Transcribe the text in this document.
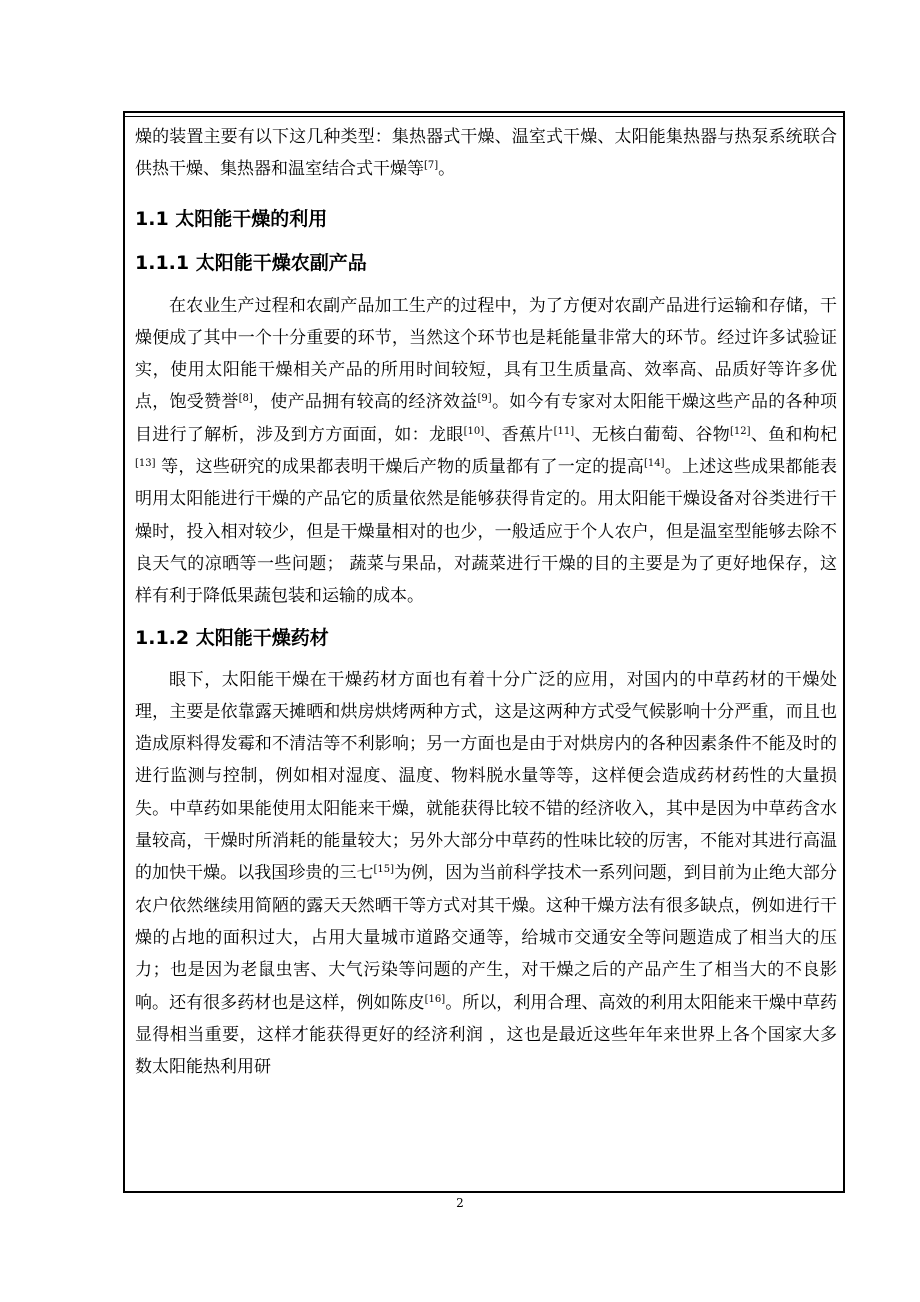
燥的装置主要有以下这几种类型：集热器式干燥、温室式干燥、太阳能集热器与热泵系统联合供热干燥、集热器和温室结合式干燥等[7]。

1.1 太阳能干燥的利用
1.1.1 太阳能干燥农副产品

在农业生产过程和农副产品加工生产的过程中，为了方便对农副产品进行运输和存储，干燥便成了其中一个十分重要的环节，当然这个环节也是耗能量非常大的环节。经过许多试验证实，使用太阳能干燥相关产品的所用时间较短，具有卫生质量高、效率高、品质好等许多优点，饱受赞誉[8]，使产品拥有较高的经济效益[9]。如今有专家对太阳能干燥这些产品的各种项目进行了解析，涉及到方方面面，如：龙眼[10]、香蕉片[11]、无核白葡萄、谷物[12]、鱼和枸杞 [13] 等，这些研究的成果都表明干燥后产物的质量都有了一定的提高[14]。上述这些成果都能表明用太阳能进行干燥的产品它的质量依然是能够获得肯定的。用太阳能干燥设备对谷类进行干燥时，投入相对较少，但是干燥量相对的也少，一般适应于个人农户，但是温室型能够去除不良天气的凉晒等一些问题； 蔬菜与果品，对蔬菜进行干燥的目的主要是为了更好地保存，这样有利于降低果蔬包装和运输的成本。

1.1.2 太阳能干燥药材

眼下，太阳能干燥在干燥药材方面也有着十分广泛的应用，对国内的中草药材的干燥处理，主要是依靠露天摊晒和烘房烘烤两种方式，这是这两种方式受气候影响十分严重，而且也造成原料得发霉和不清洁等不利影响；另一方面也是由于对烘房内的各种因素条件不能及时的进行监测与控制，例如相对湿度、温度、物料脱水量等等，这样便会造成药材药性的大量损失。中草药如果能使用太阳能来干燥，就能获得比较不错的经济收入，其中是因为中草药含水量较高，干燥时所消耗的能量较大；另外大部分中草药的性味比较的厉害，不能对其进行高温的加快干燥。以我国珍贵的三七[15]为例，因为当前科学技术一系列问题，到目前为止绝大部分农户依然继续用简陋的露天天然晒干等方式对其干燥。这种干燥方法有很多缺点，例如进行干燥的占地的面积过大，占用大量城市道路交通等，给城市交通安全等问题造成了相当大的压力；也是因为老鼠虫害、大气污染等问题的产生，对干燥之后的产品产生了相当大的不良影响。还有很多药材也是这样，例如陈皮[16]。所以，利用合理、高效的利用太阳能来干燥中草药显得相当重要，这样才能获得更好的经济利润 ，这也是最近这些年年来世界上各个国家大多数太阳能热利用研

2
